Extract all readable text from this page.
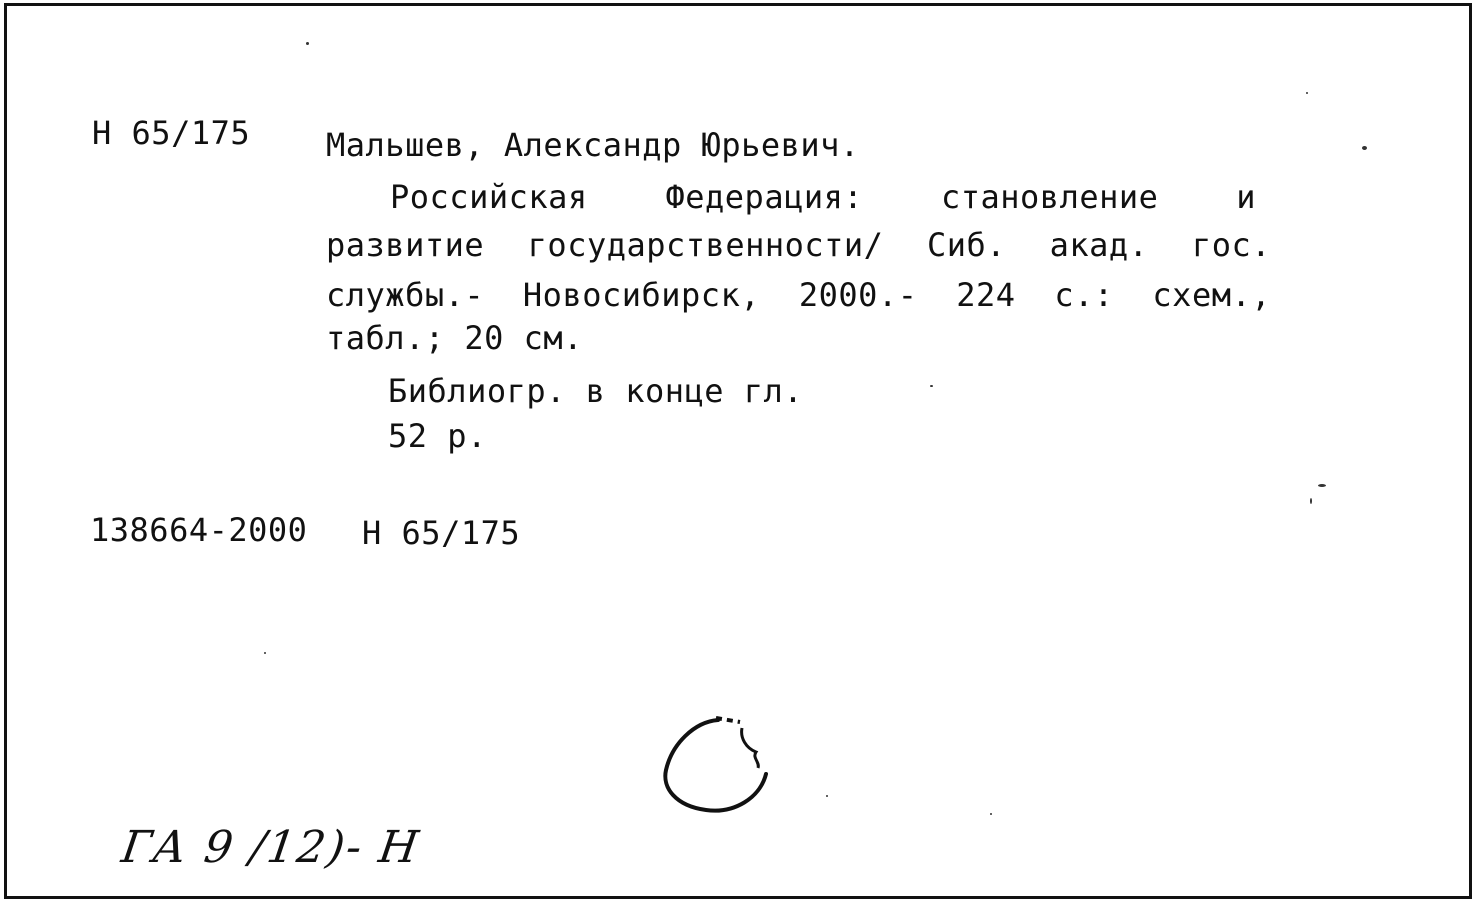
Н 65/175 Мальшев, Александр Юрьевич.
Российская Федерация: становление и
развитие государственности/ Сиб. акад. гос.
службы.- Новосибирск, 2000.- 224 с.: схем.,
табл.; 20 см.
Библиогр. в конце гл.
52 р.
138664-2000 Н 65/175
ГА 9 /12)- Н
